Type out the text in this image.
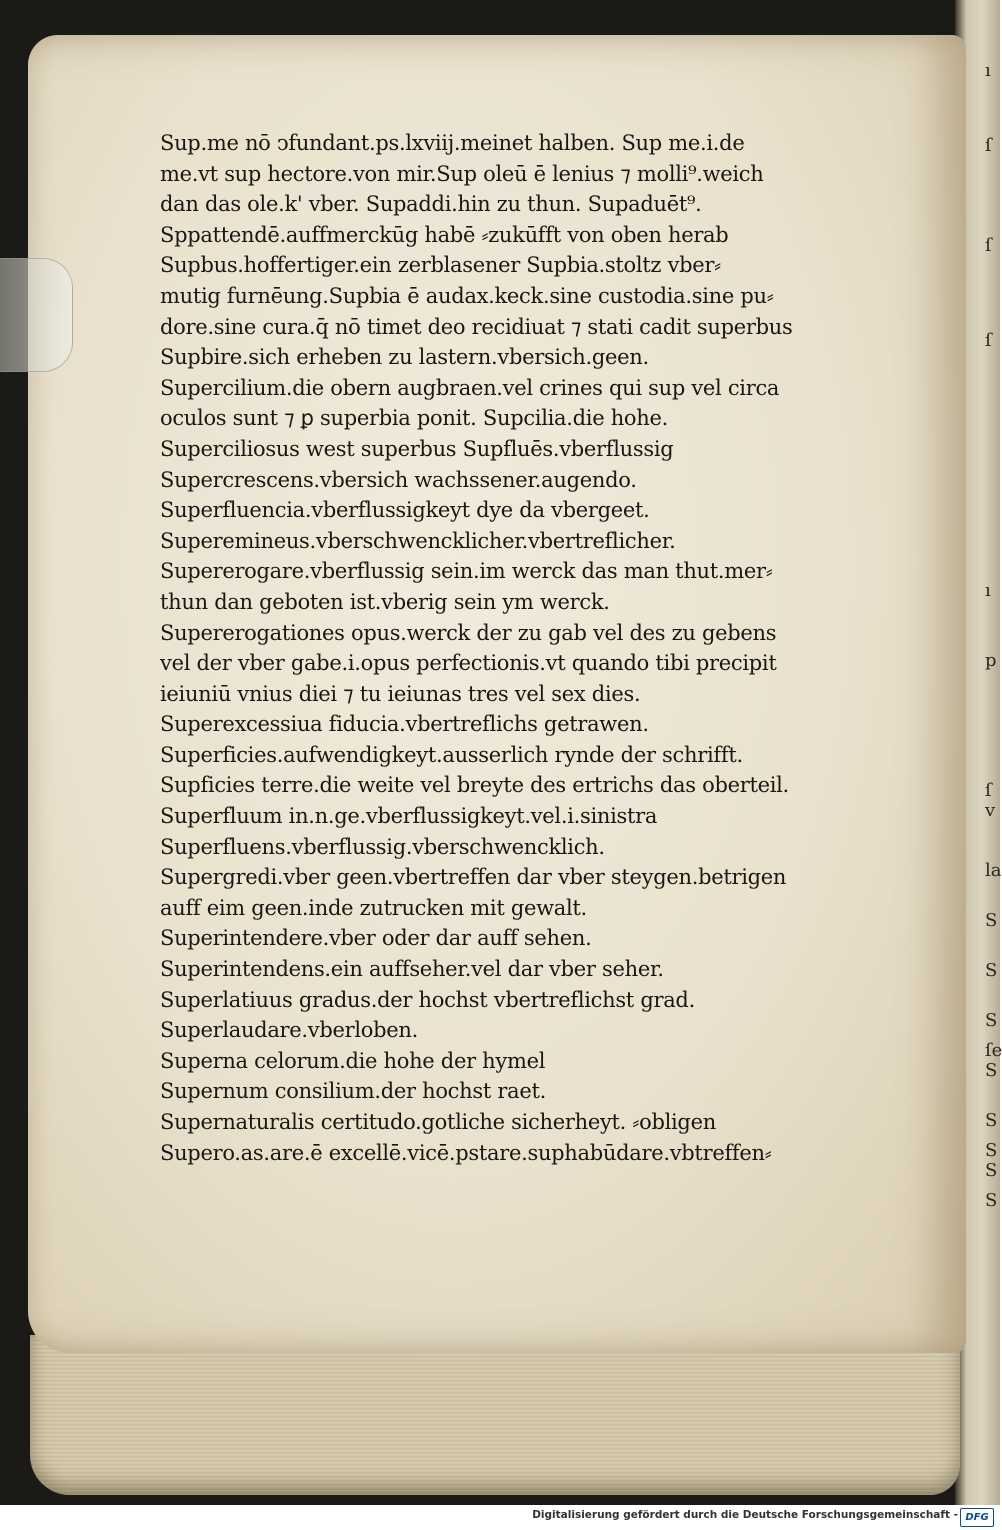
ı
ſ
ſ
ſ
ı
p
ſ
v
la
S
S
S
ſe
S
S
S
S
S
Sup.me nō ↄfundant.ps.lxviij.meinet halben. Sup me.i.de
me.vt sup hectore.von mir.Sup oleū ē lenius ⁊ molli⁹.weich
dan das ole.k' vber. Supaddi.hin zu thun. Supaduēt⁹.
Sppattendē.auffmerckūg habē ⸗zukūfft von oben herab
Supbus.hoffertiger.ein zerblasener Supbia.stoltz vber⸗
mutig furnēung.Supbia ē audax.keck.sine custodia.sine pu⸗
dore.sine cura.q̄ nō timet deo recidiuat ⁊ stati cadit superbus
Supbire.sich erheben zu lastern.vbersich.geen.
Supercilium.die obern augbraen.vel crines qui sup vel circa
oculos sunt ⁊ ꝑ superbia ponit. Supcilia.die hohe.
Superciliosus west superbus Supfluēs.vberflussig
Supercrescens.vbersich wachssener.augendo.
Superfluencia.vberflussigkeyt dye da vbergeet.
Superemineus.vberschwencklicher.vbertreflicher.
Supererogare.vberflussig sein.im werck das man thut.mer⸗
thun dan geboten ist.vberig sein ym werck.
Supererogationes opus.werck der zu gab vel des zu gebens
vel der vber gabe.i.opus perfectionis.vt quando tibi precipit
ieiuniū vnius diei ⁊ tu ieiunas tres vel sex dies.
Superexcessiua fiducia.vbertreflichs getrawen.
Superficies.aufwendigkeyt.ausserlich rynde der schrifft.
Supficies terre.die weite vel breyte des ertrichs das oberteil.
Superfluum in.n.ge.vberflussigkeyt.vel.i.sinistra
Superfluens.vberflussig.vberschwencklich.
Supergredi.vber geen.vbertreffen dar vber steygen.betrigen
auff eim geen.inde zutrucken mit gewalt.
Superintendere.vber oder dar auff sehen.
Superintendens.ein auffseher.vel dar vber seher.
Superlatiuus gradus.der hochst vbertreflichst grad.
Superlaudare.vberloben.
Superna celorum.die hohe der hymel
Supernum consilium.der hochst raet.
Supernaturalis certitudo.gotliche sicherheyt. ⸗obligen
Supero.as.are.ē excellē.vicē.pstare.suphabūdare.vbtreffen⸗
Digitalisierung gefördert durch die Deutsche Forschungsgemeinschaft - DFG
